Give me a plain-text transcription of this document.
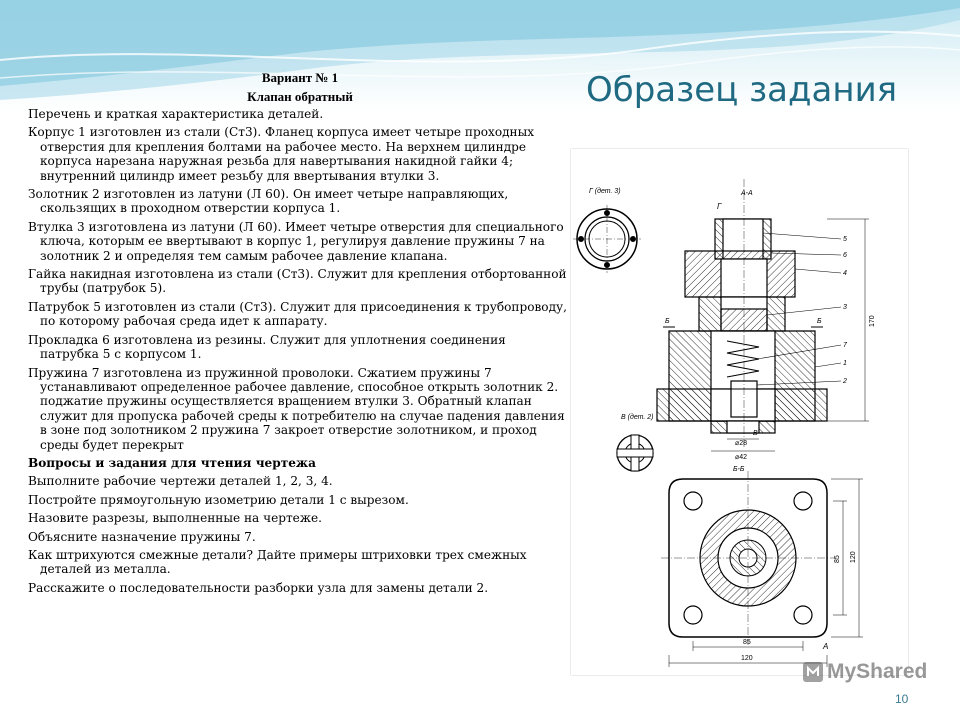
Образец задания
Вариант № 1
Клапан обратный

Перечень и краткая характеристика деталей.

Корпус 1 изготовлен из стали (Ст3). Фланец корпуса имеет четыре проходных отверстия для крепления болтами на рабочее место. На верхнем цилиндре корпуса нарезана наружная резьба для навертывания накидной гайки 4; внутренний цилиндр имеет резьбу для ввертывания втулки 3.

Золотник 2 изготовлен из латуни (Л 60). Он имеет четыре направляющих, скользящих в проходном отверстии корпуса 1.

Втулка 3 изготовлена из латуни (Л 60). Имеет четыре отверстия для специального ключа, которым ее ввертывают в корпус 1, регулируя давление пружины 7 на золотник 2 и определяя тем самым рабочее давление клапана.

Гайка накидная изготовлена из стали (Ст3). Служит для крепления отбортованной трубы (патрубок 5).

Патрубок 5 изготовлен из стали (Ст3). Служит для присоединения к трубопроводу, по которому рабочая среда идет к аппарату.

Прокладка 6 изготовлена из резины. Служит для уплотнения соединения патрубка 5 с корпусом 1.

Пружина 7 изготовлена из пружинной проволоки. Сжатием пружины 7 устанавливают определенное рабочее давление, способное открыть золотник 2. поджатие пружины осуществляется вращением втулки 3. Обратный клапан служит для пропуска рабочей среды к потребителю на случае падения давления в зоне под золотником 2 пружина 7 закроет отверстие золотником, и проход среды будет перекрыт

Вопросы и задания для чтения чертежа

Выполните рабочие чертежи деталей 1, 2, 3, 4.

Постройте прямоугольную изометрию детали 1 с вырезом.

Назовите разрезы, выполненные на чертеже.

Объясните назначение пружины 7.

Как штрихуются смежные детали? Дайте примеры штриховки трех смежных деталей из металла.

Расскажите о последовательности разборки узла для замены детали 2.

Г (дет. 3)	А-А
Г
5
6
4
3
7
1
2
Б	Б	170
⌀28
⌀42
В
В (дет. 2)
Б-Б
85
120
85 120
А
MyShared
10
